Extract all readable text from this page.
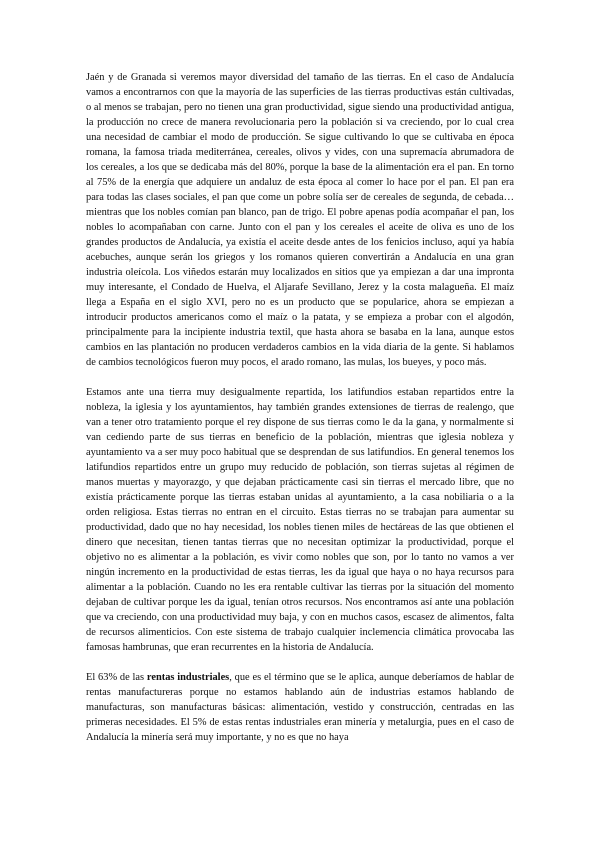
Jaén y de Granada si veremos mayor diversidad del tamaño de las tierras. En el caso de Andalucía vamos a encontrarnos con que la mayoría de las superficies de las tierras productivas están cultivadas, o al menos se trabajan, pero no tienen una gran productividad, sigue siendo una productividad antigua, la producción no crece de manera revolucionaria pero la población si va creciendo, por lo cual crea una necesidad de cambiar el modo de producción. Se sigue cultivando lo que se cultivaba en época romana, la famosa triada mediterránea, cereales, olivos y vides, con una supremacía abrumadora de los cereales, a los que se dedicaba más del 80%, porque la base de la alimentación era el pan. En torno al 75% de la energía que adquiere un andaluz de esta época al comer lo hace por el pan. El pan era para todas las clases sociales, el pan que come un pobre solía ser de cereales de segunda, de cebada… mientras que los nobles comían pan blanco, pan de trigo. El pobre apenas podía acompañar el pan, los nobles lo acompañaban con carne. Junto con el pan y los cereales el aceite de oliva es uno de los grandes productos de Andalucía, ya existía el aceite desde antes de los fenicios incluso, aquí ya había acebuches, aunque serán los griegos y los romanos quieren convertirán a Andalucía en una gran industria oleícola. Los viñedos estarán muy localizados en sitios que ya empiezan a dar una impronta muy interesante, el Condado de Huelva, el Aljarafe Sevillano, Jerez y la costa malagueña. El maíz llega a España en el siglo XVI, pero no es un producto que se popularice, ahora se empiezan a introducir productos americanos como el maíz o la patata, y se empieza a probar con el algodón, principalmente para la incipiente industria textil, que hasta ahora se basaba en la lana, aunque estos cambios en las plantación no producen verdaderos cambios en la vida diaria de la gente. Si hablamos de cambios tecnológicos fueron muy pocos, el arado romano, las mulas, los bueyes, y poco más.

Estamos ante una tierra muy desigualmente repartida, los latifundios estaban repartidos entre la nobleza, la iglesia y los ayuntamientos, hay también grandes extensiones de tierras de realengo, que van a tener otro tratamiento porque el rey dispone de sus tierras como le da la gana, y normalmente si van cediendo parte de sus tierras en beneficio de la población, mientras que iglesia nobleza y ayuntamiento va a ser muy poco habitual que se desprendan de sus latifundios. En general tenemos los latifundios repartidos entre un grupo muy reducido de población, son tierras sujetas al régimen de manos muertas y mayorazgo, y que dejaban prácticamente casi sin tierras el mercado libre, que no existía prácticamente porque las tierras estaban unidas al ayuntamiento, a la casa nobiliaria o a la orden religiosa. Estas tierras no entran en el circuito. Estas tierras no se trabajan para aumentar su productividad, dado que no hay necesidad, los nobles tienen miles de hectáreas de las que obtienen el dinero que necesitan, tienen tantas tierras que no necesitan optimizar la productividad, porque el objetivo no es alimentar a la población, es vivir como nobles que son, por lo tanto no vamos a ver ningún incremento en la productividad de estas tierras, les da igual que haya o no haya recursos para alimentar a la población. Cuando no les era rentable cultivar las tierras por la situación del momento dejaban de cultivar porque les da igual, tenían otros recursos. Nos encontramos así ante una población que va creciendo, con una productividad muy baja, y con en muchos casos, escasez de alimentos, falta de recursos alimenticios. Con este sistema de trabajo cualquier inclemencia climática provocaba las famosas hambrunas, que eran recurrentes en la historia de Andalucía.

El 63% de las rentas industriales, que es el término que se le aplica, aunque deberíamos de hablar de rentas manufactureras porque no estamos hablando aún de industrias estamos hablando de manufacturas, son manufacturas básicas: alimentación, vestido y construcción, centradas en las primeras necesidades. El 5% de estas rentas industriales eran minería y metalurgia, pues en el caso de Andalucía la minería será muy importante, y no es que no haya
